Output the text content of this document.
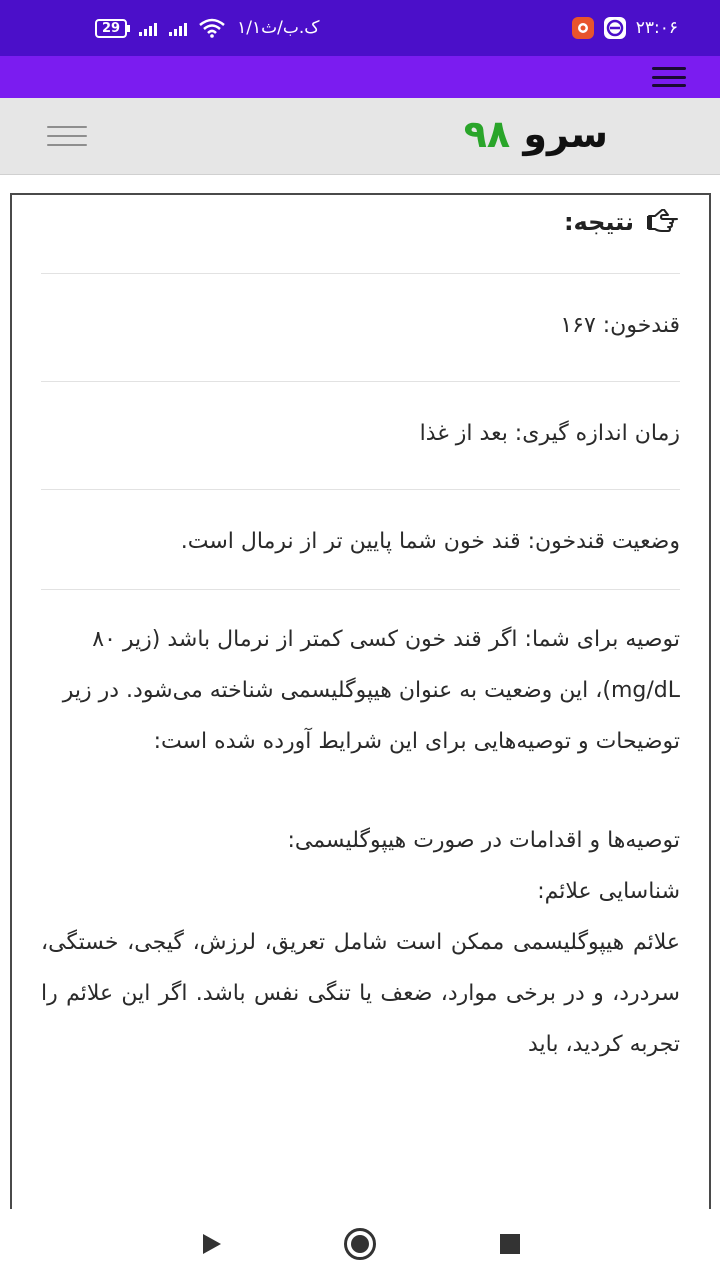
29	۱/۱ک.ب/ث	۲۳:۰۶
سرو ۹۸
نتیجه:
قندخون: ۱۶۷
زمان اندازه گیری: بعد از غذا
وضعیت قندخون: قند خون شما پایین تر از نرمال است.
توصیه برای شما: اگر قند خون کسی کمتر از نرمال باشد (زیر ۸۰ mg/dL)، این وضعیت به عنوان هیپوگلیسمی شناخته می‌شود. در زیر توضیحات و توصیه‌هایی برای این شرایط آورده شده است:
توصیه‌ها و اقدامات در صورت هیپوگلیسمی:
شناسایی علائم:
علائم هیپوگلیسمی ممکن است شامل تعریق، لرزش، گیجی، خستگی، سردرد، و در برخی موارد، ضعف یا تنگی نفس باشد. اگر این علائم را تجربه کردید، باید
